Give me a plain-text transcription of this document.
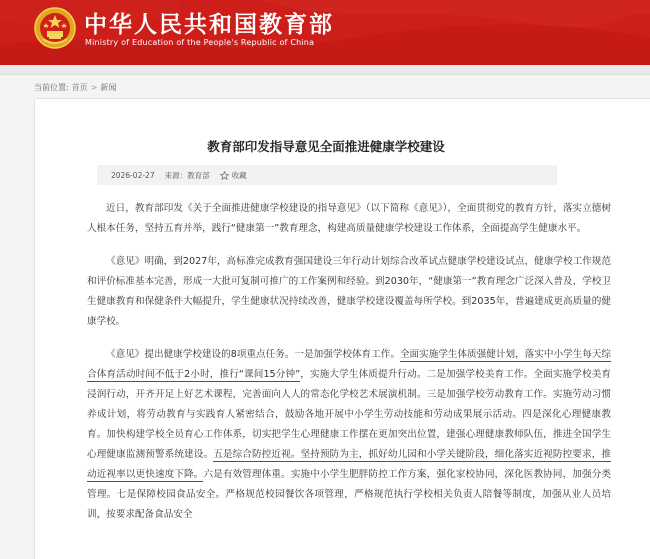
中华人民共和国教育部
Ministry of Education of the People's Republic of China
当前位置: 首页 > 新闻
教育部印发指导意见全面推进健康学校建设
2026-02-27 来源：教育部	收藏

近日，教育部印发《关于全面推进健康学校建设的指导意见》（以下简称《意见》），全面贯彻党的教育方针，落实立德树人根本任务，坚持五育并举，践行“健康第一”教育理念，构建高质量健康学校建设工作体系，全面提高学生健康水平。

《意见》明确，到2027年，高标准完成教育强国建设三年行动计划综合改革试点健康学校建设试点，健康学校工作规范和评价标准基本完善，形成一大批可复制可推广的工作案例和经验。到2030年，“健康第一”教育理念广泛深入普及，学校卫生健康教育和保健条件大幅提升，学生健康状况持续改善，健康学校建设覆盖每所学校。到2035年，普遍建成更高质量的健康学校。

《意见》提出健康学校建设的8项重点任务。一是加强学校体育工作。全面实施学生体质强健计划，落实中小学生每天综合体育活动时间不低于2小时，推行“课间15分钟”，实施大学生体质提升行动。二是加强学校美育工作。全面实施学校美育浸润行动，开齐开足上好艺术课程，完善面向人人的常态化学校艺术展演机制。三是加强学校劳动教育工作。实施劳动习惯养成计划，将劳动教育与实践育人紧密结合，鼓励各地开展中小学生劳动技能和劳动成果展示活动。四是深化心理健康教育。加快构建学校全员育心工作体系，切实把学生心理健康工作摆在更加突出位置，建强心理健康教师队伍，推进全国学生心理健康监测预警系统建设。五是综合防控近视。坚持预防为主，抓好幼儿园和小学关键阶段，细化落实近视防控要求，推动近视率以更快速度下降。六是有效管理体重。实施中小学生肥胖防控工作方案，强化家校协同，深化医教协同，加强分类管理。七是保障校园食品安全。严格规范校园餐饮各项管理，严格规范执行学校相关负责人陪餐等制度，加强从业人员培训，按要求配备食品安全
